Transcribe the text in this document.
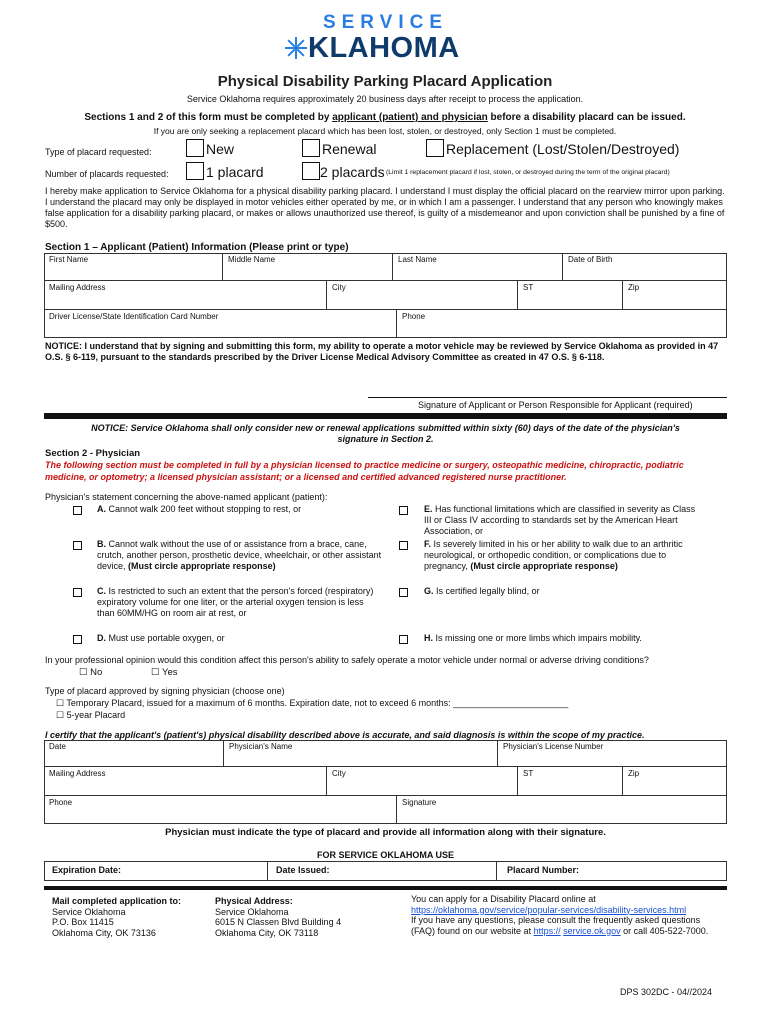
SERVICE
KLAHOMA
Physical Disability Parking Placard Application
Service Oklahoma requires approximately 20 business days after receipt to process the application.
Sections 1 and 2 of this form must be completed by applicant (patient) and physician before a disability placard can be issued.
If you are only seeking a replacement placard which has been lost, stolen, or destroyed, only Section 1 must be completed.
Type of placard requested:	New	Renewal	Replacement (Lost/Stolen/Destroyed)
Number of placards requested:	1 placard	2 placards (Limit 1 replacement placard if lost, stolen, or destroyed during the term of the original placard)
I hereby make application to Service Oklahoma for a physical disability parking placard. I understand I must display the official placard on the rearview mirror upon parking. I understand the placard may only be displayed in motor vehicles either operated by me, or in which I am a passenger. I understand that any person who knowingly makes false application for a disability parking placard, or makes or allows unauthorized use thereof, is guilty of a misdemeanor and upon conviction shall be punished by a fine of $500.
Section 1 – Applicant (Patient) Information (Please print or type)
First Name	Middle Name	Last Name	Date of Birth
Mailing Address	City	ST	Zip
Driver License/State Identification Card Number	Phone
NOTICE: I understand that by signing and submitting this form, my ability to operate a motor vehicle may be reviewed by Service Oklahoma as provided in 47 O.S. § 6-119, pursuant to the standards prescribed by the Driver License Medical Advisory Committee as created in 47 O.S. § 6-118.
Signature of Applicant or Person Responsible for Applicant (required)
NOTICE: Service Oklahoma shall only consider new or renewal applications submitted within sixty (60) days of the date of the physician's
signature in Section 2.
Section 2 - Physician
The following section must be completed in full by a physician licensed to practice medicine or surgery, osteopathic medicine, chiropractic, podiatric medicine, or optometry; a licensed physician assistant; or a licensed and certified advanced registered nurse practitioner.
Physician's statement concerning the above-named applicant (patient):
A. Cannot walk 200 feet without stopping to rest, or
B. Cannot walk without the use of or assistance from a brace, cane, crutch, another person, prosthetic device, wheelchair, or other assistant device, (Must circle appropriate response)
C. Is restricted to such an extent that the person's forced (respiratory) expiratory volume for one liter, or the arterial oxygen tension is less than 60MM/HG on room air at rest, or
D. Must use portable oxygen, or
E. Has functional limitations which are classified in severity as Class III or Class IV according to standards set by the American Heart Association, or
F. Is severely limited in his or her ability to walk due to an arthritic neurological, or orthopedic condition, or complications due to pregnancy, (Must circle appropriate response)
G. Is certified legally blind, or
H. Is missing one or more limbs which impairs mobility.
In your professional opinion would this condition affect this person's ability to safely operate a motor vehicle under normal or adverse driving conditions?
☐ No	☐ Yes
Type of placard approved by signing physician (choose one)
☐ Temporary Placard, issued for a maximum of 6 months. Expiration date, not to exceed 6 months: _______________________
☐ 5-year Placard
I certify that the applicant's (patient's) physical disability described above is accurate, and said diagnosis is within the scope of my practice.
Date	Physician's Name	Physician's License Number
Mailing Address	City	ST	Zip
Phone	Signature
Physician must indicate the type of placard and provide all information along with their signature.
FOR SERVICE OKLAHOMA USE
Expiration Date:	Date Issued:	Placard Number:
Mail completed application to:
Service Oklahoma
P.O. Box 11415
Oklahoma City, OK 73136
Physical Address:
Service Oklahoma
6015 N Classen Blvd Building 4
Oklahoma City, OK 73118
You can apply for a Disability Placard online at
https://oklahoma.gov/service/popular-services/disability-services.html
If you have any questions, please consult the frequently asked questions (FAQ) found on our website at https:// service.ok.gov or call 405-522-7000.
DPS 302DC - 04//2024
